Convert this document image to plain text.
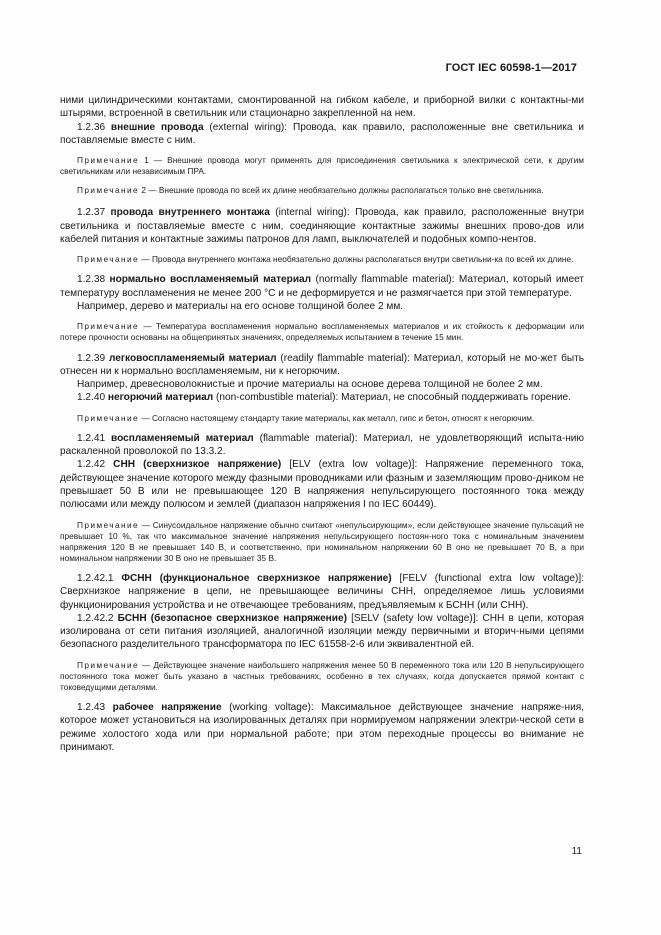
ГОСТ IEC 60598-1—2017

ними цилиндрическими контактами, смонтированной на гибком кабеле, и приборной вилки с контактны-ми штырями, встроенной в светильник или стационарно закрепленной на нем.

1.2.36 внешние провода (external wiring): Провода, как правило, расположенные вне светильника и поставляемые вместе с ним.

Примечание 1 — Внешние провода могут применять для присоединения светильника к электрической сети, к другим светильникам или независимым ПРА.

Примечание 2 — Внешние провода по всей их длине необязательно должны располагаться только вне светильника.

1.2.37 провода внутреннего монтажа (internal wiring): Провода, как правило, расположенные внутри светильника и поставляемые вместе с ним, соединяющие контактные зажимы внешних прово-дов или кабелей питания и контактные зажимы патронов для ламп, выключателей и подобных компо-нентов.

Примечание — Провода внутреннего монтажа необязательно должны располагаться внутри светильни-ка по всей их длине.

1.2.38 нормально воспламеняемый материал (normally flammable material): Материал, который имеет температуру воспламенения не менее 200 °С и не деформируется и не размягчается при этой температуре.

Например, дерево и материалы на его основе толщиной более 2 мм.

Примечание — Температура воспламенения нормально воспламеняемых материалов и их стойкость к деформации или потере прочности основаны на общепринятых значениях, определяемых испытанием в течение 15 мин.

1.2.39 легковоспламеняемый материал (readily flammable material): Материал, который не мо-жет быть отнесен ни к нормально воспламеняемым, ни к негорючим.

Например, древесноволокнистые и прочие материалы на основе дерева толщиной не более 2 мм.

1.2.40 негорючий материал (non-combustible material): Материал, не способный поддерживать горение.

Примечание — Согласно настоящему стандарту такие материалы, как металл, гипс и бетон, относят к негорючим.

1.2.41 воспламеняемый материал (flammable material): Материал, не удовлетворяющий испыта-нию раскаленной проволокой по 13.3.2.

1.2.42 СНН (сверхнизкое напряжение) [ELV (extra low voltage)]: Напряжение переменного тока, действующее значение которого между фазными проводниками или фазным и заземляющим прово-дником не превышает 50 В или не превышающее 120 В напряжения непульсирующего постоянного тока между полюсами или между полюсом и землей (диапазон напряжения I по IEC 60449).

Примечание — Синусоидальное напряжение обычно считают «непульсирующим», если действующее значение пульсаций не превышает 10 %, так что максимальное значение напряжения непульсирующего постоян-ного тока с номинальным значением напряжения 120 В не превышает 140 В, и соответственно, при номинальном напряжении 60 В оно не превышает 70 В, а при номинальном напряжении 30 В оно не превышает 35 В.

1.2.42.1 ФСНН (функциональное сверхнизкое напряжение) [FELV (functional extra low voltage)]: Сверхнизкое напряжение в цепи, не превышающее величины СНН, определяемое лишь условиями функционирования устройства и не отвечающее требованиям, предъявляемым к БСНН (или СНН).

1.2.42.2 БСНН (безопасное сверхнизкое напряжение) [SELV (safety low voltage)]: СНН в цепи, которая изолирована от сети питания изоляцией, аналогичной изоляции между первичными и вторич-ными цепями безопасного разделительного трансформатора по IEC 61558-2-6 или эквивалентной ей.

Примечание — Действующее значение наибольшего напряжения менее 50 В переменного тока или 120 В непульсирующего постоянного тока может быть указано в частных требованиях, особенно в тех случаях, когда допускается прямой контакт с токоведущими деталями.

1.2.43 рабочее напряжение (working voltage): Максимальное действующее значение напряже-ния, которое может установиться на изолированных деталях при нормируемом напряжении электри-ческой сети в режиме холостого хода или при нормальной работе; при этом переходные процессы во внимание не принимают.

11
